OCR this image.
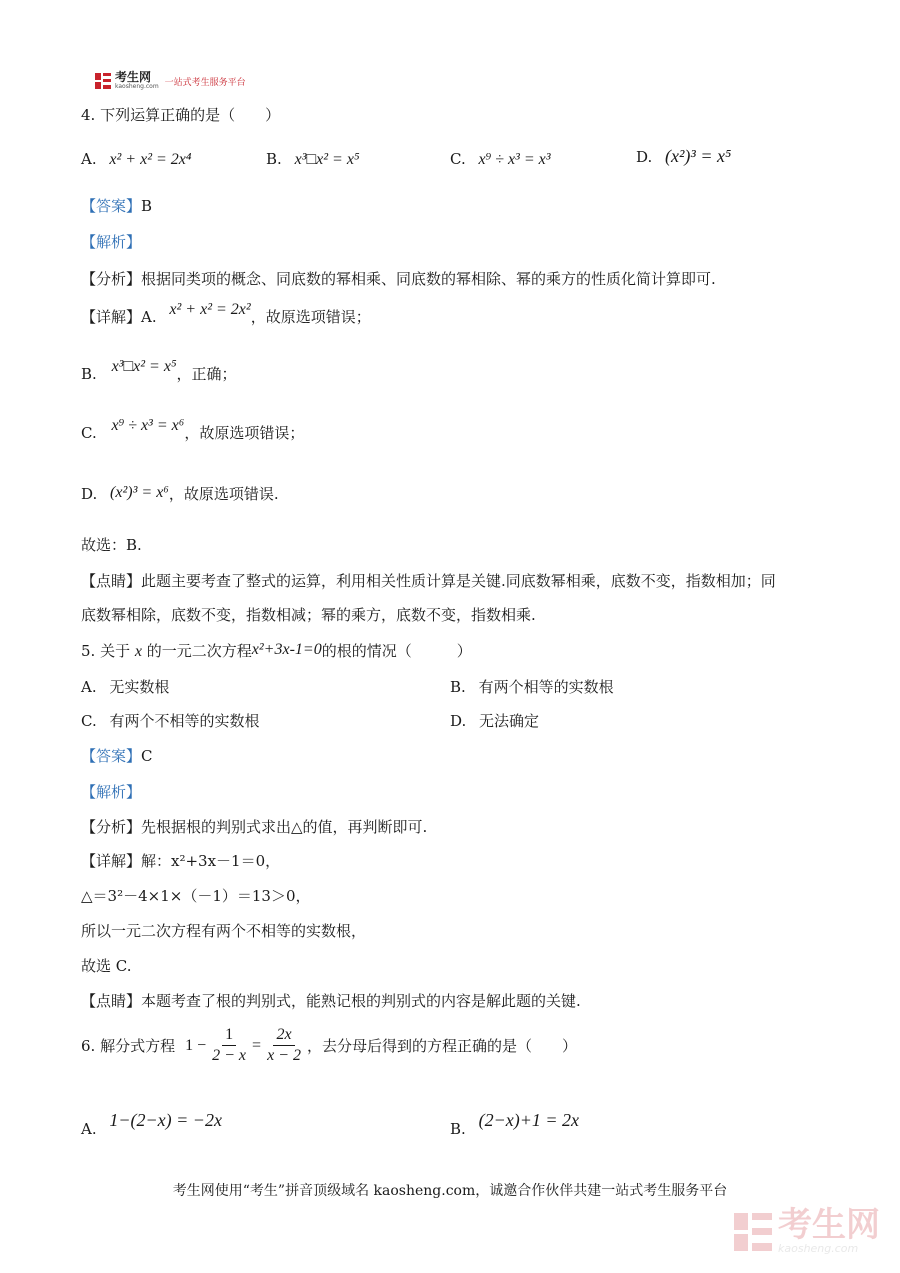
考生网
kaosheng.com 一站式考生服务平台
4. 下列运算正确的是（　　）
A. x² + x² = 2x⁴	B. x³□x² = x⁵	C. x⁹ ÷ x³ = x³	D. (x²)³ = x⁵
【答案】B
【解析】
【分析】根据同类项的概念、同底数的幂相乘、同底数的幂相除、幂的乘方的性质化简计算即可.
【详解】A. x² + x² = 2x²，故原选项错误；
B. x³□x² = x⁵，正确；
C. x⁹ ÷ x³ = x⁶，故原选项错误；
D. (x²)³ = x⁶，故原选项错误.
故选：B.
【点睛】此题主要考查了整式的运算，利用相关性质计算是关键.同底数幂相乘，底数不变，指数相加；同
底数幂相除，底数不变，指数相减；幂的乘方，底数不变，指数相乘.
5. 关于 x 的一元二次方程x²+3x-1=0的根的情况（　　　）
A. 无实数根	B. 有两个相等的实数根
C. 有两个不相等的实数根	D. 无法确定
【答案】C
【解析】
【分析】先根据根的判别式求出△的值，再判断即可.
【详解】解：x²+3x－1＝0，
△＝3²－4×1×（－1）＝13＞0，
所以一元二次方程有两个不相等的实数根，
故选 C.
【点睛】本题考查了根的判别式，能熟记根的判别式的内容是解此题的关键.
6. 解分式方程 $1 - \frac{1}{2 - x} = \frac{2x}{x - 2}$ ，去分母后得到的方程正确的是（　　）
A. 1−(2−x) = −2x	B. (2−x)+1 = 2x
考生网使用“考生”拼音顶级域名 kaosheng.com，诚邀合作伙伴共建一站式考生服务平台
考生网
kaosheng.com
